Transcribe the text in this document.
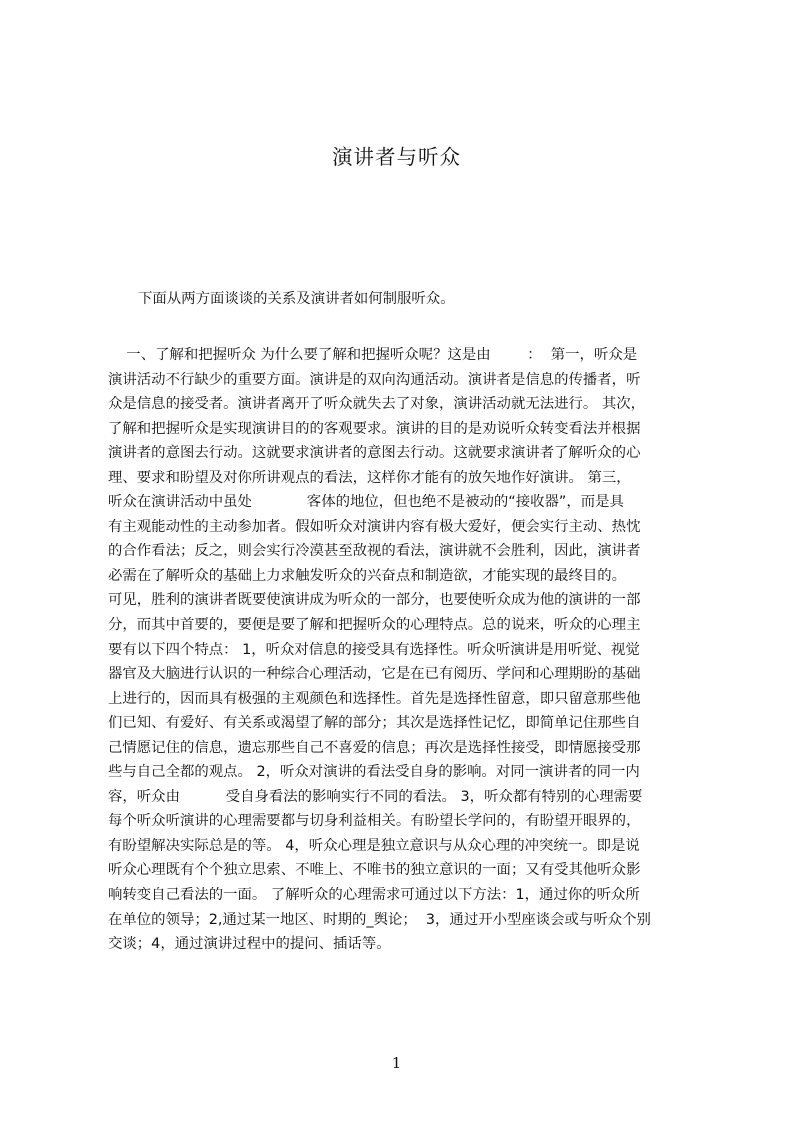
演讲者与听众
下面从两方面谈谈的关系及演讲者如何制服听众。
一、了解和把握听众 为什么要了解和把握听众呢？这是由        ：  第一，听众是
演讲活动不行缺少的重要方面。演讲是的双向沟通活动。演讲者是信息的传播者，听
众是信息的接受者。演讲者离开了听众就失去了对象，演讲活动就无法进行。 其次，
了解和把握听众是实现演讲目的的客观要求。演讲的目的是劝说听众转变看法并根据
演讲者的意图去行动。这就要求演讲者的意图去行动。这就要求演讲者了解听众的心
理、要求和盼望及对你所讲观点的看法，这样你才能有的放矢地作好演讲。 第三，
听众在演讲活动中虽处            客体的地位，但也绝不是被动的“接收器”，而是具
有主观能动性的主动参加者。假如听众对演讲内容有极大爱好，便会实行主动、热忱
的合作看法；反之，则会实行冷漠甚至敌视的看法，演讲就不会胜利，因此，演讲者
必需在了解听众的基础上力求触发听众的兴奋点和制造欲，才能实现的最终目的。
可见，胜利的演讲者既要使演讲成为听众的一部分，也要使听众成为他的演讲的一部
分，而其中首要的，要便是要了解和把握听众的心理特点。总的说来，听众的心理主
要有以下四个特点： 1，听众对信息的接受具有选择性。听众听演讲是用听觉、视觉
器官及大脑进行认识的一种综合心理活动，它是在已有阅历、学问和心理期盼的基础
上进行的，因而具有极强的主观颜色和选择性。首先是选择性留意，即只留意那些他
们已知、有爱好、有关系或渴望了解的部分；其次是选择性记忆，即简单记住那些自
己情愿记住的信息，遗忘那些自己不喜爱的信息；再次是选择性接受，即情愿接受那
些与自己全都的观点。 2，听众对演讲的看法受自身的影响。对同一演讲者的同一内
容，听众由          受自身看法的影响实行不同的看法。 3，听众都有特别的心理需要
每个听众听演讲的心理需要都与切身利益相关。有盼望长学问的，有盼望开眼界的，
有盼望解决实际总是的等。 4，听众心理是独立意识与从众心理的冲突统一。即是说
听众心理既有个个独立思索、不唯上、不唯书的独立意识的一面；又有受其他听众影
响转变自己看法的一面。 了解听众的心理需求可通过以下方法：1，通过你的听众所
在单位的领导；2,通过某一地区、时期的_舆论；  3，通过开小型座谈会或与听众个别
交谈；4，通过演讲过程中的提问、插话等。
1
